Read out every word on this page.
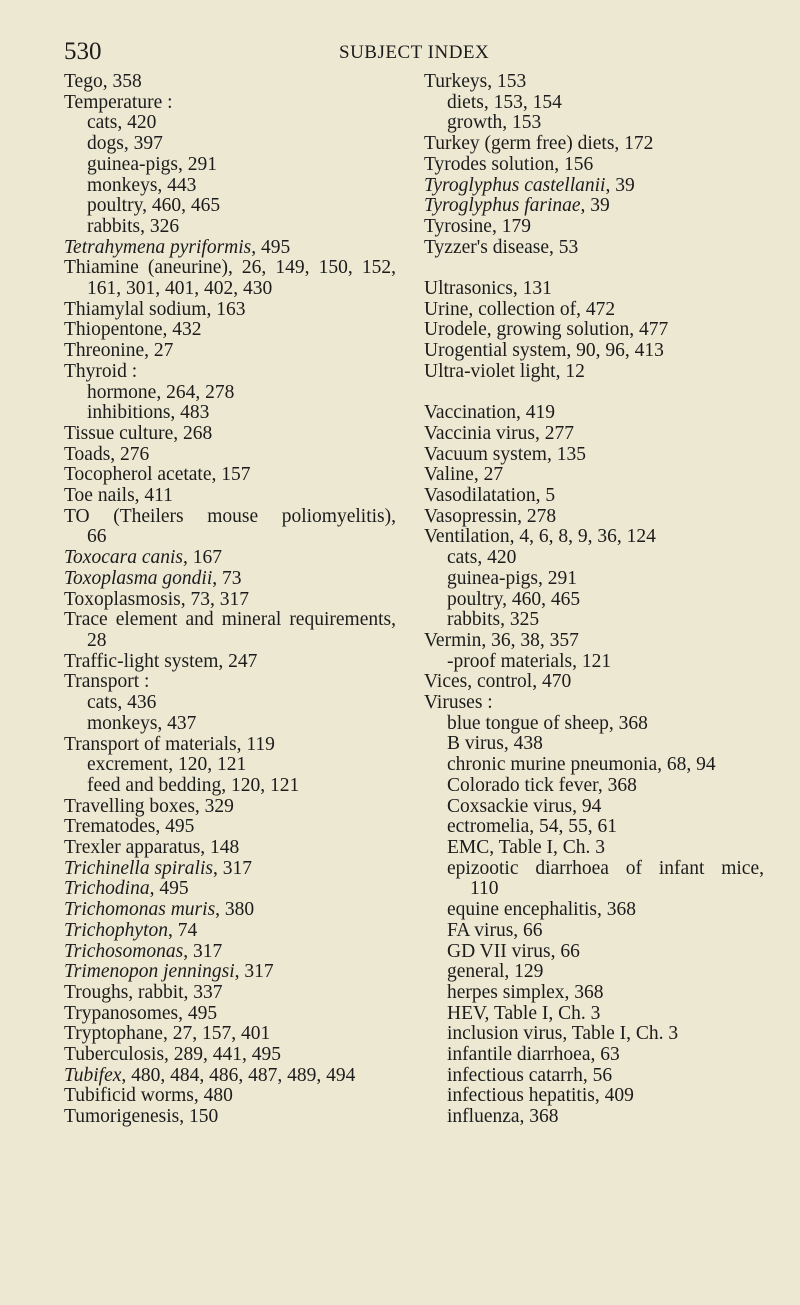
530	SUBJECT INDEX
Tego, 358
Temperature :
cats, 420
dogs, 397
guinea-pigs, 291
monkeys, 443
poultry, 460, 465
rabbits, 326
Tetrahymena pyriformis, 495
Thiamine (aneurine), 26, 149, 150, 152,
161, 301, 401, 402, 430
Thiamylal sodium, 163
Thiopentone, 432
Threonine, 27
Thyroid :
hormone, 264, 278
inhibitions, 483
Tissue culture, 268
Toads, 276
Tocopherol acetate, 157
Toe nails, 411
TO (Theilers mouse poliomyelitis),
66
Toxocara canis, 167
Toxoplasma gondii, 73
Toxoplasmosis, 73, 317
Trace element and mineral requirements,
28
Traffic-light system, 247
Transport :
cats, 436
monkeys, 437
Transport of materials, 119
excrement, 120, 121
feed and bedding, 120, 121
Travelling boxes, 329
Trematodes, 495
Trexler apparatus, 148
Trichinella spiralis, 317
Trichodina, 495
Trichomonas muris, 380
Trichophyton, 74
Trichosomonas, 317
Trimenopon jenningsi, 317
Troughs, rabbit, 337
Trypanosomes, 495
Tryptophane, 27, 157, 401
Tuberculosis, 289, 441, 495
Tubifex, 480, 484, 486, 487, 489, 494
Tubificid worms, 480
Tumorigenesis, 150
Turkeys, 153
diets, 153, 154
growth, 153
Turkey (germ free) diets, 172
Tyrodes solution, 156
Tyroglyphus castellanii, 39
Tyroglyphus farinae, 39
Tyrosine, 179
Tyzzer's disease, 53
Ultrasonics, 131
Urine, collection of, 472
Urodele, growing solution, 477
Urogential system, 90, 96, 413
Ultra-violet light, 12
Vaccination, 419
Vaccinia virus, 277
Vacuum system, 135
Valine, 27
Vasodilatation, 5
Vasopressin, 278
Ventilation, 4, 6, 8, 9, 36, 124
cats, 420
guinea-pigs, 291
poultry, 460, 465
rabbits, 325
Vermin, 36, 38, 357
-proof materials, 121
Vices, control, 470
Viruses :
blue tongue of sheep, 368
B virus, 438
chronic murine pneumonia, 68, 94
Colorado tick fever, 368
Coxsackie virus, 94
ectromelia, 54, 55, 61
EMC, Table I, Ch. 3
epizootic diarrhoea of infant mice,
110
equine encephalitis, 368
FA virus, 66
GD VII virus, 66
general, 129
herpes simplex, 368
HEV, Table I, Ch. 3
inclusion virus, Table I, Ch. 3
infantile diarrhoea, 63
infectious catarrh, 56
infectious hepatitis, 409
influenza, 368
